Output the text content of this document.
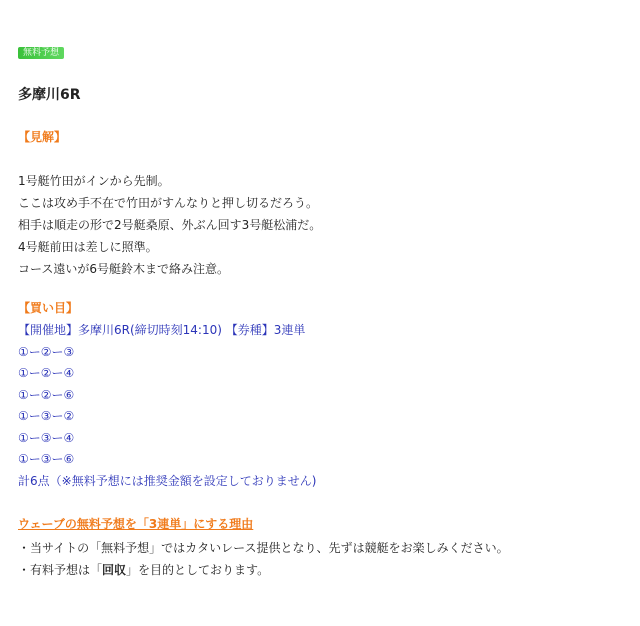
無料予想
多摩川6R
【見解】
1号艇竹田がインから先制。
ここは攻め手不在で竹田がすんなりと押し切るだろう。
相手は順走の形で2号艇桑原、外ぶん回す3号艇松浦だ。
4号艇前田は差しに照準。
コース遠いが6号艇鈴木まで絡み注意。
【買い目】
【開催地】多摩川6R(締切時刻14:10) 【券種】3連単
①ー②ー③
①ー②ー④
①ー②ー⑥
①ー③ー②
①ー③ー④
①ー③ー⑥
計6点（※無料予想には推奨金額を設定しておりません)
ウェーブの無料予想を「3連単」にする理由
・当サイトの「無料予想」ではカタいレース提供となり、先ずは競艇をお楽しみください。
・有料予想は「回収」を目的としております。
